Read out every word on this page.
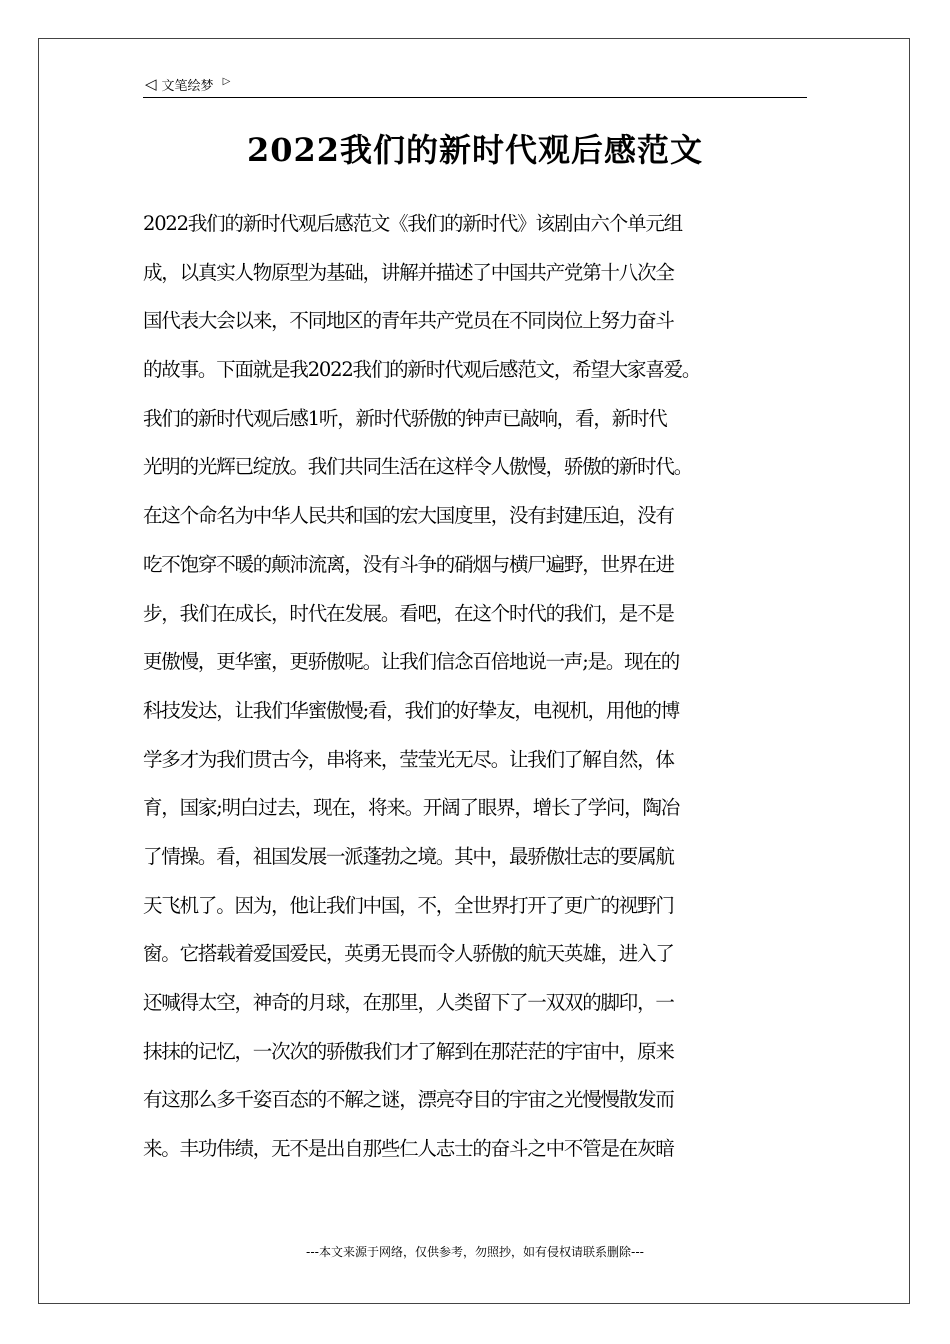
◁ 文笔绘梦 ▷
2022我们的新时代观后感范文
2022我们的新时代观后感范文《我们的新时代》该剧由六个单元组
成，以真实人物原型为基础，讲解并描述了中国共产党第十八次全
国代表大会以来，不同地区的青年共产党员在不同岗位上努力奋斗
的故事。下面就是我2022我们的新时代观后感范文，希望大家喜爱。
我们的新时代观后感1听，新时代骄傲的钟声已敲响，看，新时代
光明的光辉已绽放。我们共同生活在这样令人傲慢，骄傲的新时代。
在这个命名为中华人民共和国的宏大国度里，没有封建压迫，没有
吃不饱穿不暖的颠沛流离，没有斗争的硝烟与横尸遍野，世界在进
步，我们在成长，时代在发展。看吧，在这个时代的我们，是不是
更傲慢，更华蜜，更骄傲呢。让我们信念百倍地说一声;是。现在的
科技发达，让我们华蜜傲慢;看，我们的好挚友，电视机，用他的博
学多才为我们贯古今，串将来，莹莹光无尽。让我们了解自然，体
育，国家;明白过去，现在，将来。开阔了眼界，增长了学问，陶冶
了情操。看，祖国发展一派蓬勃之境。其中，最骄傲壮志的要属航
天飞机了。因为，他让我们中国，不，全世界打开了更广的视野门
窗。它搭载着爱国爱民，英勇无畏而令人骄傲的航天英雄，进入了
还喊得太空，神奇的月球，在那里，人类留下了一双双的脚印，一
抹抹的记忆，一次次的骄傲我们才了解到在那茫茫的宇宙中，原来
有这那么多千姿百态的不解之谜，漂亮夺目的宇宙之光慢慢散发而
来。丰功伟绩，无不是出自那些仁人志士的奋斗之中不管是在灰暗
---本文来源于网络，仅供参考，勿照抄，如有侵权请联系删除---
